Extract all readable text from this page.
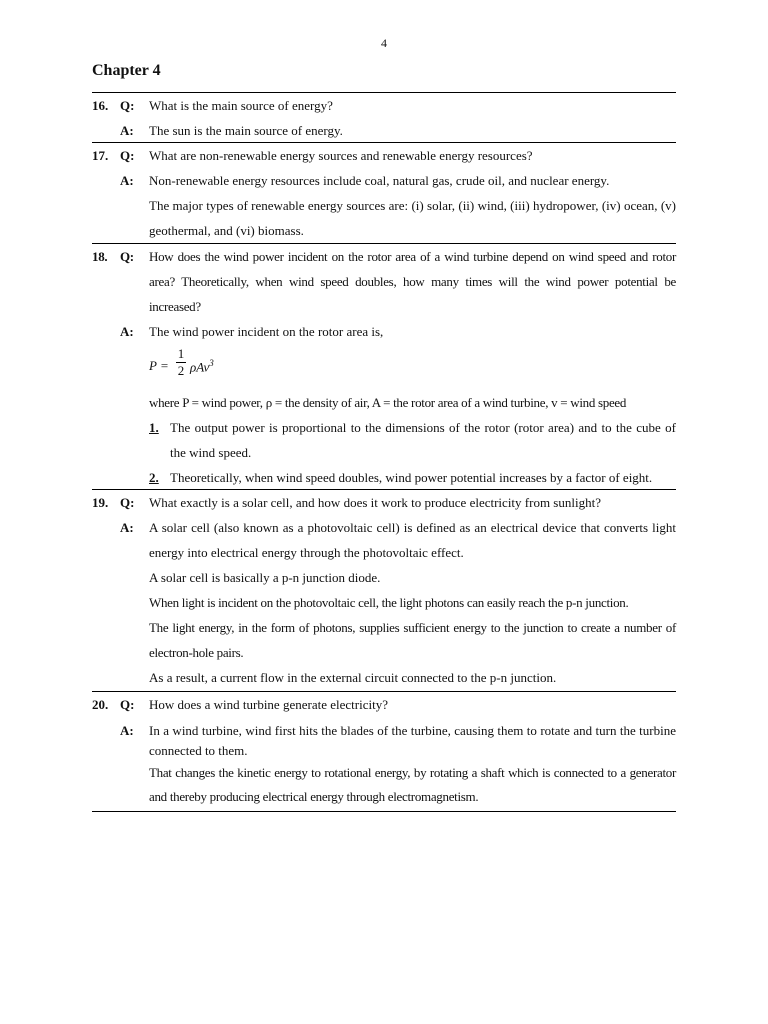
4
Chapter 4
16. Q: What is the main source of energy?
A: The sun is the main source of energy.
17. Q: What are non-renewable energy sources and renewable energy resources?
A: Non-renewable energy resources include coal, natural gas, crude oil, and nuclear energy.
The major types of renewable energy sources are: (i) solar, (ii) wind, (iii) hydropower, (iv) ocean, (v) geothermal, and (vi) biomass.
18. Q: How does the wind power incident on the rotor area of a wind turbine depend on wind speed and rotor area? Theoretically, when wind speed doubles, how many times will the wind power potential be increased?
A: The wind power incident on the rotor area is,
$P = \frac{1}{2} \rho Av^3$
where P = wind power, ρ = the density of air, A = the rotor area of a wind turbine, v = wind speed
1. The output power is proportional to the dimensions of the rotor (rotor area) and to the cube of the wind speed.
2. Theoretically, when wind speed doubles, wind power potential increases by a factor of eight.
19. Q: What exactly is a solar cell, and how does it work to produce electricity from sunlight?
A: A solar cell (also known as a photovoltaic cell) is defined as an electrical device that converts light energy into electrical energy through the photovoltaic effect.
A solar cell is basically a p-n junction diode.
When light is incident on the photovoltaic cell, the light photons can easily reach the p-n junction.
The light energy, in the form of photons, supplies sufficient energy to the junction to create a number of electron-hole pairs.
As a result, a current flow in the external circuit connected to the p-n junction.
20. Q: How does a wind turbine generate electricity?
A: In a wind turbine, wind first hits the blades of the turbine, causing them to rotate and turn the turbine connected to them.
That changes the kinetic energy to rotational energy, by rotating a shaft which is connected to a generator and thereby producing electrical energy through electromagnetism.
